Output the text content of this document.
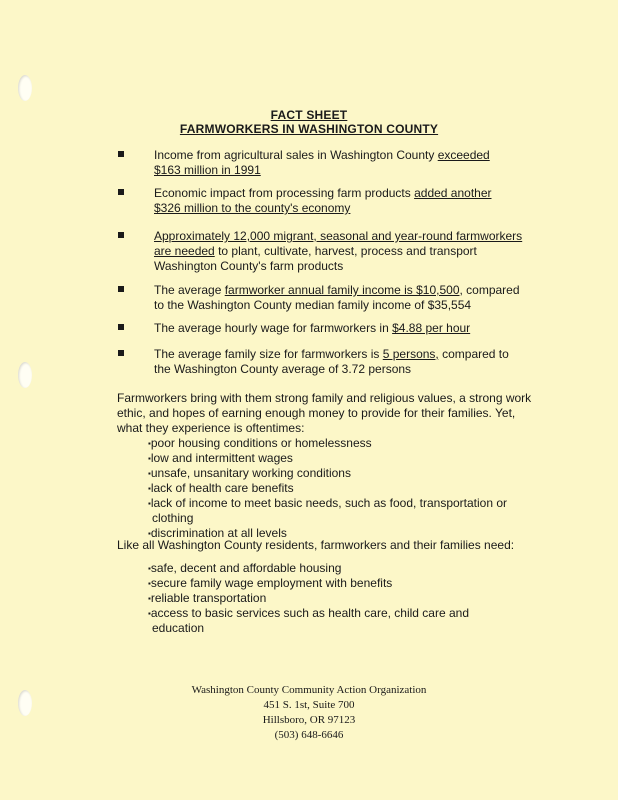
FACT SHEET
FARMWORKERS IN WASHINGTON COUNTY
Income from agricultural sales in Washington County exceeded
$163 million in 1991
Economic impact from processing farm products added another
$326 million to the county's economy
Approximately 12,000 migrant, seasonal and year-round farmworkers
are needed to plant, cultivate, harvest, process and transport
Washington County's farm products
The average farmworker annual family income is $10,500, compared
to the Washington County median family income of $35,554
The average hourly wage for farmworkers in $4.88 per hour
The average family size for farmworkers is 5 persons, compared to
the Washington County average of 3.72 persons
Farmworkers bring with them strong family and religious values, a strong work
ethic, and hopes of earning enough money to provide for their families. Yet,
what they experience is oftentimes:
▪ poor housing conditions or homelessness
▪ low and intermittent wages
▪ unsafe, unsanitary working conditions
▪ lack of health care benefits
▪ lack of income to meet basic needs, such as food, transportation or clothing
▪ discrimination at all levels
Like all Washington County residents, farmworkers and their families need:
▪ safe, decent and affordable housing
▪ secure family wage employment with benefits
▪ reliable transportation
▪ access to basic services such as health care, child care and education
Washington County Community Action Organization
451 S. 1st, Suite 700
Hillsboro, OR 97123
(503) 648-6646
